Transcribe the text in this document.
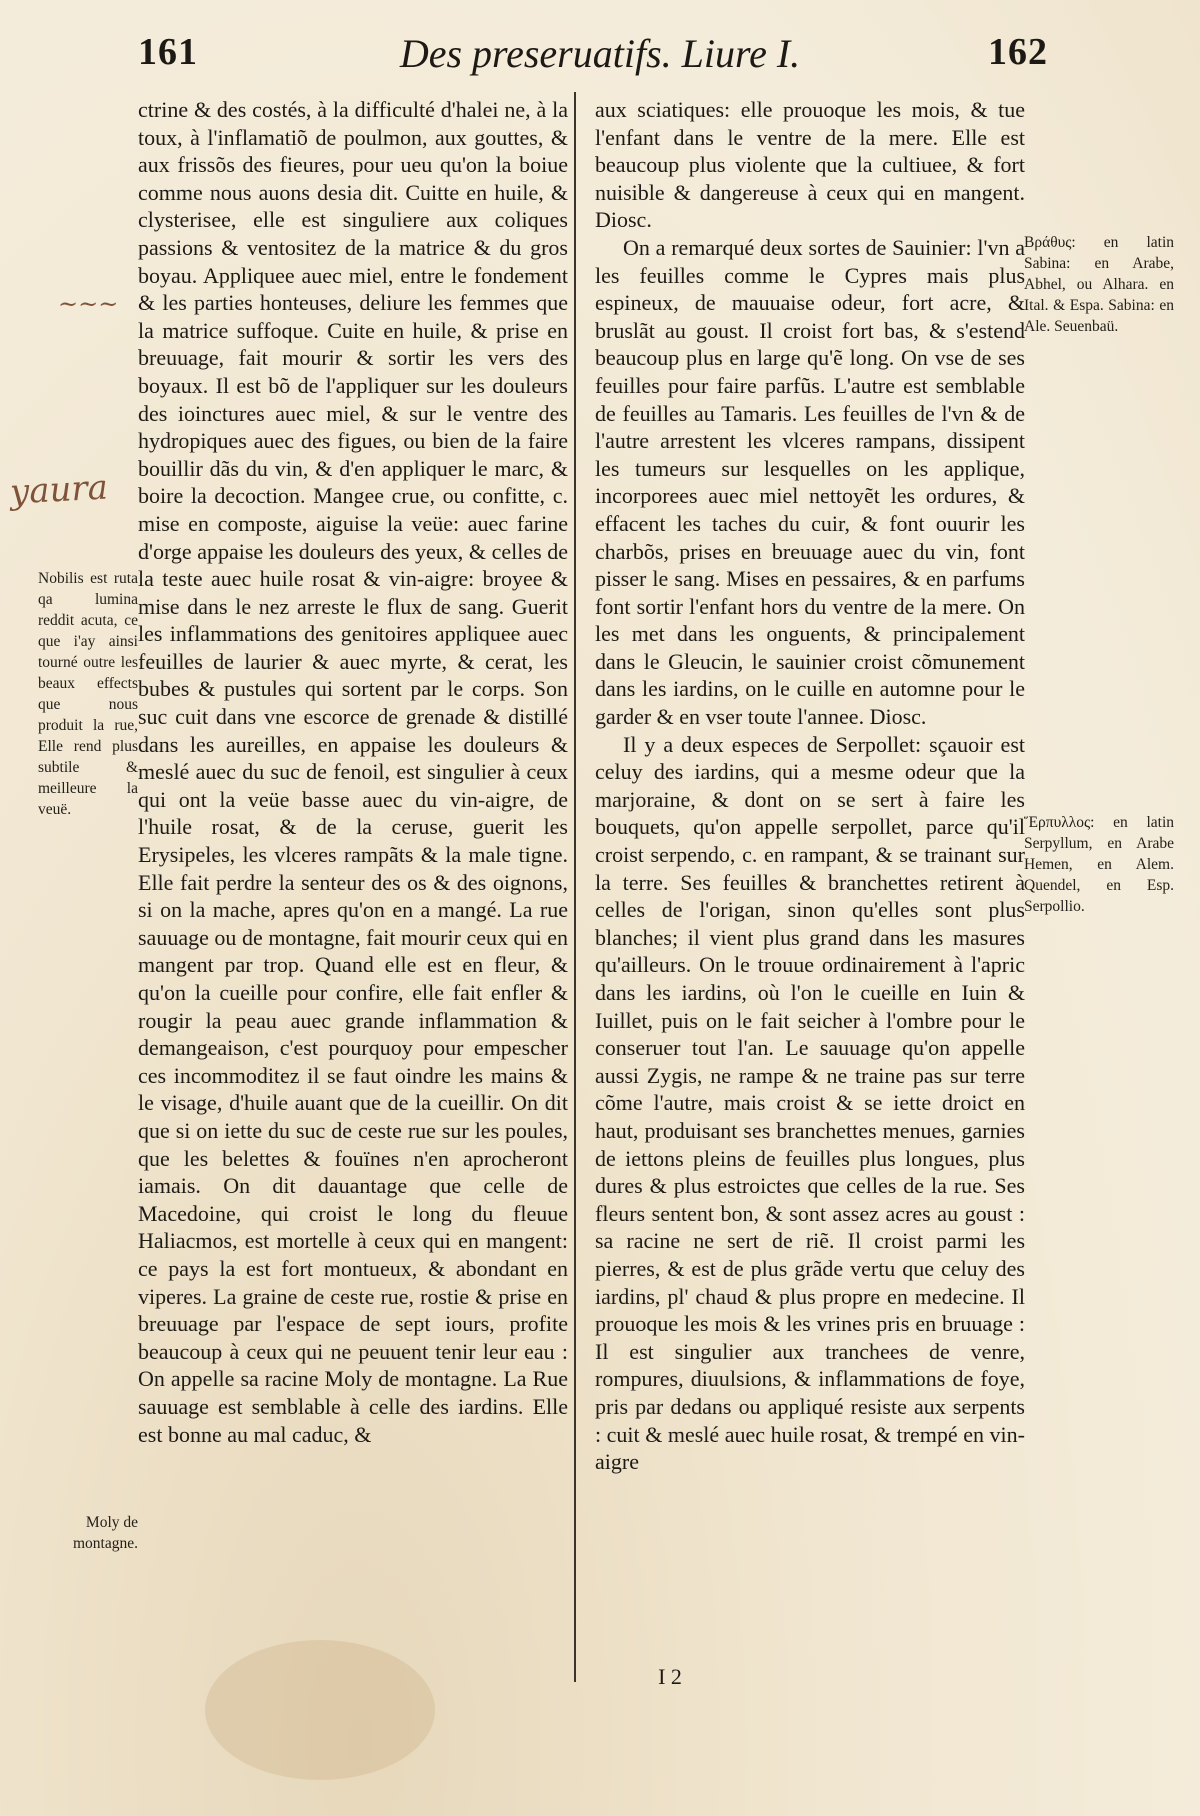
161	Des preseruatifs. Liure I.	162

ctrine & des costés, à la difficulté d'halei ne, à la toux, à l'inflamatiõ de poulmon, aux gouttes, & aux frissõs des fieures, pour ueu qu'on la boiue comme nous auons desia dit. Cuitte en huile, & clysterisee, elle est singuliere aux coliques passions & ventositez de la matrice & du gros boyau. Appliquee auec miel, entre le fondement & les parties honteuses, deliure les femmes que la matrice suffoque. Cuite en huile, & prise en breuuage, fait mourir & sortir les vers des boyaux. Il est bõ de l'appliquer sur les douleurs des ioinctures auec miel, & sur le ventre des hydropiques auec des figues, ou bien de la faire bouillir dãs du vin, & d'en appliquer le marc, & boire la decoction. Mangee crue, ou confitte, c. mise en composte, aiguise la veüe: auec farine d'orge appaise les douleurs des yeux, & celles de la teste auec huile rosat & vin-aigre: broyee & mise dans le nez arreste le flux de sang. Guerit les inflammations des genitoires appliquee auec feuilles de laurier & auec myrte, & cerat, les bubes & pustules qui sortent par le corps. Son suc cuit dans vne escorce de grenade & distillé dans les aureilles, en appaise les douleurs & meslé auec du suc de fenoil, est singulier à ceux qui ont la veüe basse auec du vin-aigre, de l'huile rosat, & de la ceruse, guerit les Erysipeles, les vlceres rampãts & la male tigne. Elle fait perdre la senteur des os & des oignons, si on la mache, apres qu'on en a mangé. La rue sauuage ou de montagne, fait mourir ceux qui en mangent par trop. Quand elle est en fleur, & qu'on la cueille pour confire, elle fait enfler & rougir la peau auec grande inflammation & demangeaison, c'est pourquoy pour empescher ces incommoditez il se faut oindre les mains & le visage, d'huile auant que de la cueillir. On dit que si on iette du suc de ceste rue sur les poules, que les belettes & fouïnes n'en aprocheront iamais. On dit dauantage que celle de Macedoine, qui croist le long du fleuue Haliacmos, est mortelle à ceux qui en mangent: ce pays la est fort montueux, & abondant en viperes. La graine de ceste rue, rostie & prise en breuuage par l'espace de sept iours, profite beaucoup à ceux qui ne peuuent tenir leur eau : On appelle sa racine Moly de montagne. La Rue sauuage est semblable à celle des iardins. Elle est bonne au mal caduc, &

aux sciatiques: elle prouoque les mois, & tue l'enfant dans le ventre de la mere. Elle est beaucoup plus violente que la cultiuee, & fort nuisible & dangereuse à ceux qui en mangent. Diosc.

On a remarqué deux sortes de Sauinier: l'vn a les feuilles comme le Cypres mais plus espineux, de mauuaise odeur, fort acre, & bruslãt au goust. Il croist fort bas, & s'estend beaucoup plus en large qu'ẽ long. On vse de ses feuilles pour faire parfũs. L'autre est semblable de feuilles au Tamaris. Les feuilles de l'vn & de l'autre arrestent les vlceres rampans, dissipent les tumeurs sur lesquelles on les applique, incorporees auec miel nettoyẽt les ordures, & effacent les taches du cuir, & font ouurir les charbõs, prises en breuuage auec du vin, font pisser le sang. Mises en pessaires, & en parfums font sortir l'enfant hors du ventre de la mere. On les met dans les onguents, & principalement dans le Gleucin, le sauinier croist cõmunement dans les iardins, on le cuille en automne pour le garder & en vser toute l'annee. Diosc.

Il y a deux especes de Serpollet: sçauoir est celuy des iardins, qui a mesme odeur que la marjoraine, & dont on se sert à faire les bouquets, qu'on appelle serpollet, parce qu'il croist serpendo, c. en rampant, & se trainant sur la terre. Ses feuilles & branchettes retirent à celles de l'origan, sinon qu'elles sont plus blanches; il vient plus grand dans les masures qu'ailleurs. On le trouue ordinairement à l'apric dans les iardins, où l'on le cueille en Iuin & Iuillet, puis on le fait seicher à l'ombre pour le conseruer tout l'an. Le sauuage qu'on appelle aussi Zygis, ne rampe & ne traine pas sur terre cõme l'autre, mais croist & se iette droict en haut, produisant ses branchettes menues, garnies de iettons pleins de feuilles plus longues, plus dures & plus estroictes que celles de la rue. Ses fleurs sentent bon, & sont assez acres au goust : sa racine ne sert de riẽ. Il croist parmi les pierres, & est de plus grãde vertu que celuy des iardins, pl' chaud & plus propre en medecine. Il prouoque les mois & les vrines pris en bruuage : Il est singulier aux tranchees de venre, rompures, diuulsions, & inflammations de foye, pris par dedans ou appliqué resiste aux serpents : cuit & meslé auec huile rosat, & trempé en vin-aigre

Nobilis est ruta qa lumina reddit acuta, ce que i'ay ainsi tourné outre les beaux effects que nous produit la rue, Elle rend plus subtile & meilleure la veuë.
Moly de montagne.
Βράθυς: en latin Sabina: en Arabe, Abhel, ou Alhara. en Ital. & Espa. Sabina: en Ale. Seuenbaü.
Ἕρπυλλος: en latin Serpyllum, en Arabe Hemen, en Alem. Quendel, en Esp. Serpollio.
~~~
yaura
I 2
